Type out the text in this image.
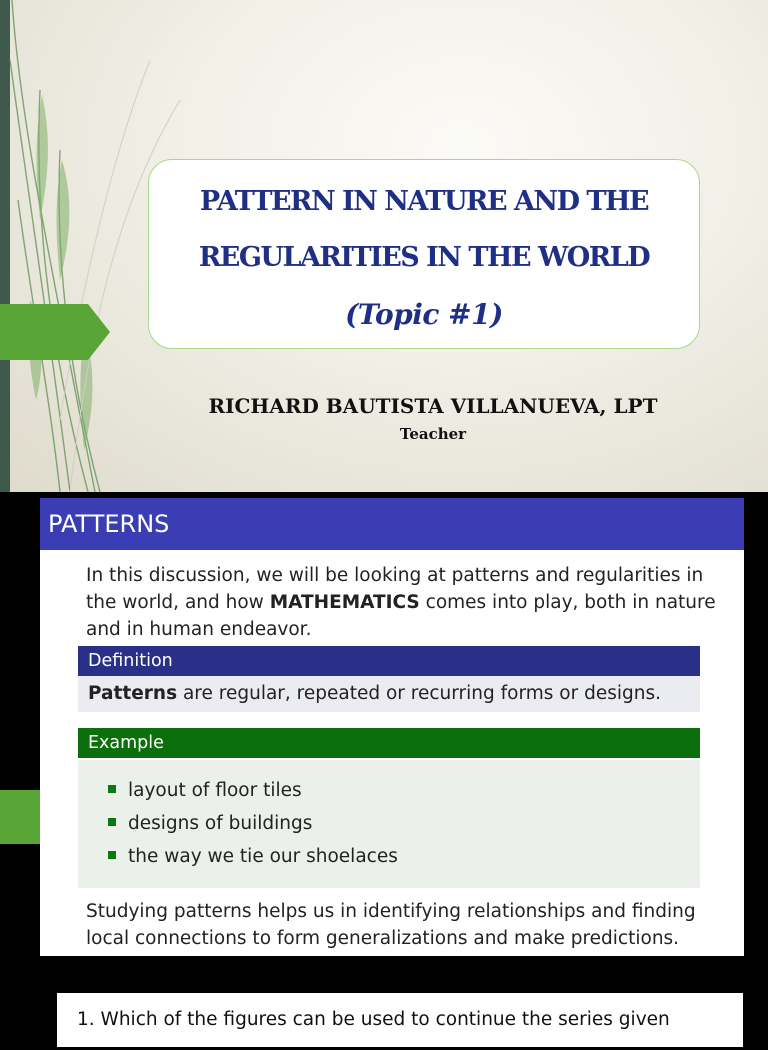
PATTERN IN NATURE AND THE
REGULARITIES IN THE WORLD
(Topic #1)
RICHARD BAUTISTA VILLANUEVA, LPT
Teacher
PATTERNS
In this discussion, we will be looking at patterns and regularities in the world, and how MATHEMATICS comes into play, both in nature and in human endeavor.
Definition
Patterns are regular, repeated or recurring forms or designs.
Example
layout of floor tiles
designs of buildings
the way we tie our shoelaces
Studying patterns helps us in identifying relationships and finding local connections to form generalizations and make predictions.
1. Which of the figures can be used to continue the series given
